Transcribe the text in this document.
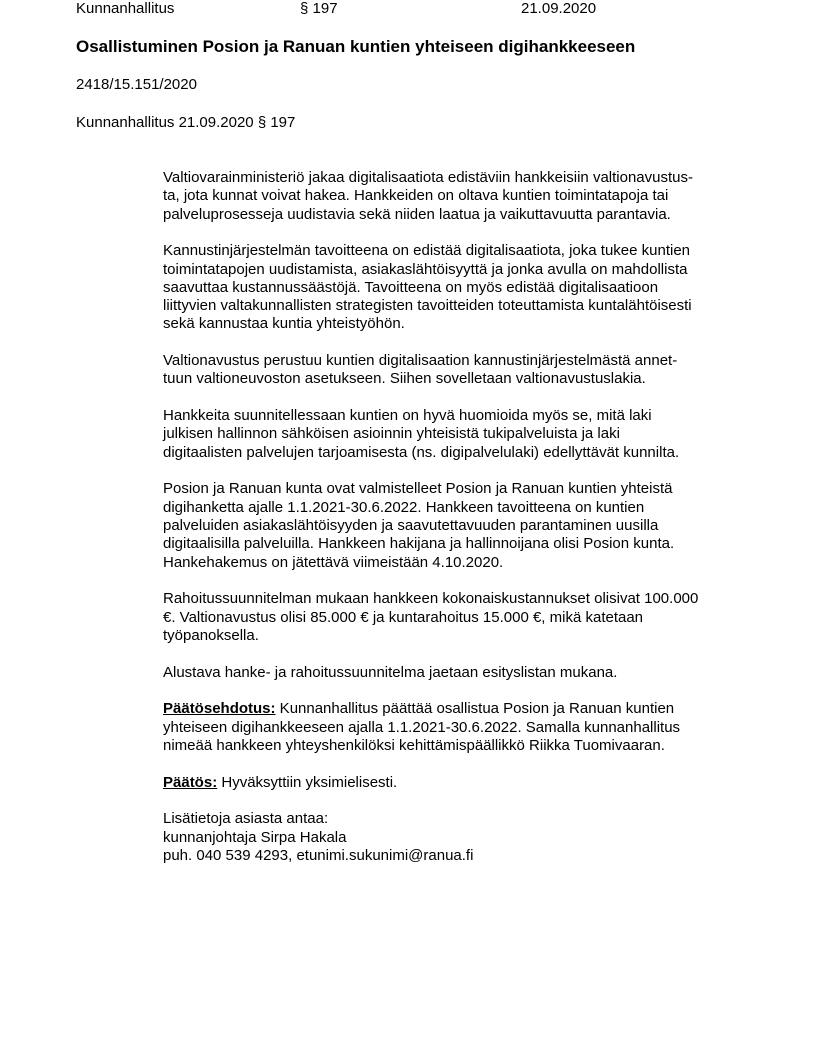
Kunnanhallitus	§ 197	21.09.2020
Osallistuminen Posion ja Ranuan kuntien yhteiseen digihankkeeseen
2418/15.151/2020
Kunnanhallitus 21.09.2020 § 197

Valtiovarainministeriö jakaa digitalisaatiota edistäviin hankkeisiin valtionavustus-
ta, jota kunnat voivat hakea. Hankkeiden on oltava kuntien toimintatapoja tai
palveluprosesseja uudistavia sekä niiden laatua ja vaikuttavuutta parantavia.

Kannustinjärjestelmän tavoitteena on edistää digitalisaatiota, joka tukee kuntien
toimintatapojen uudistamista, asiakaslähtöisyyttä ja jonka avulla on mahdollista
saavuttaa kustannussäästöjä. Tavoitteena on myös edistää digitalisaatioon
liittyvien valtakunnallisten strategisten tavoitteiden toteuttamista kuntalähtöisesti
sekä kannustaa kuntia yhteistyöhön.

Valtionavustus perustuu kuntien digitalisaation kannustinjärjestelmästä annet-
tuun valtioneuvoston asetukseen. Siihen sovelletaan valtionavustuslakia.

Hankkeita suunnitellessaan kuntien on hyvä huomioida myös se, mitä laki
julkisen hallinnon sähköisen asioinnin yhteisistä tukipalveluista ja laki
digitaalisten palvelujen tarjoamisesta (ns. digipalvelulaki) edellyttävät kunnilta.

Posion ja Ranuan kunta ovat valmistelleet Posion ja Ranuan kuntien yhteistä
digihanketta ajalle 1.1.2021-30.6.2022. Hankkeen tavoitteena on kuntien
palveluiden asiakaslähtöisyyden ja saavutettavuuden parantaminen uusilla
digitaalisilla palveluilla. Hankkeen hakijana ja hallinnoijana olisi Posion kunta.
Hankehakemus on jätettävä viimeistään 4.10.2020.

Rahoitussuunnitelman mukaan hankkeen kokonaiskustannukset olisivat 100.000
€. Valtionavustus olisi 85.000 € ja kuntarahoitus 15.000 €, mikä katetaan
työpanoksella.

Alustava hanke- ja rahoitussuunnitelma jaetaan esityslistan mukana.

Päätösehdotus: Kunnanhallitus päättää osallistua Posion ja Ranuan kuntien
yhteiseen digihankkeeseen ajalla 1.1.2021-30.6.2022. Samalla kunnanhallitus
nimeää hankkeen yhteyshenkilöksi kehittämispäällikkö Riikka Tuomivaaran.

Päätös: Hyväksyttiin yksimielisesti.

Lisätietoja asiasta antaa:
kunnanjohtaja Sirpa Hakala
puh. 040 539 4293, etunimi.sukunimi@ranua.fi
